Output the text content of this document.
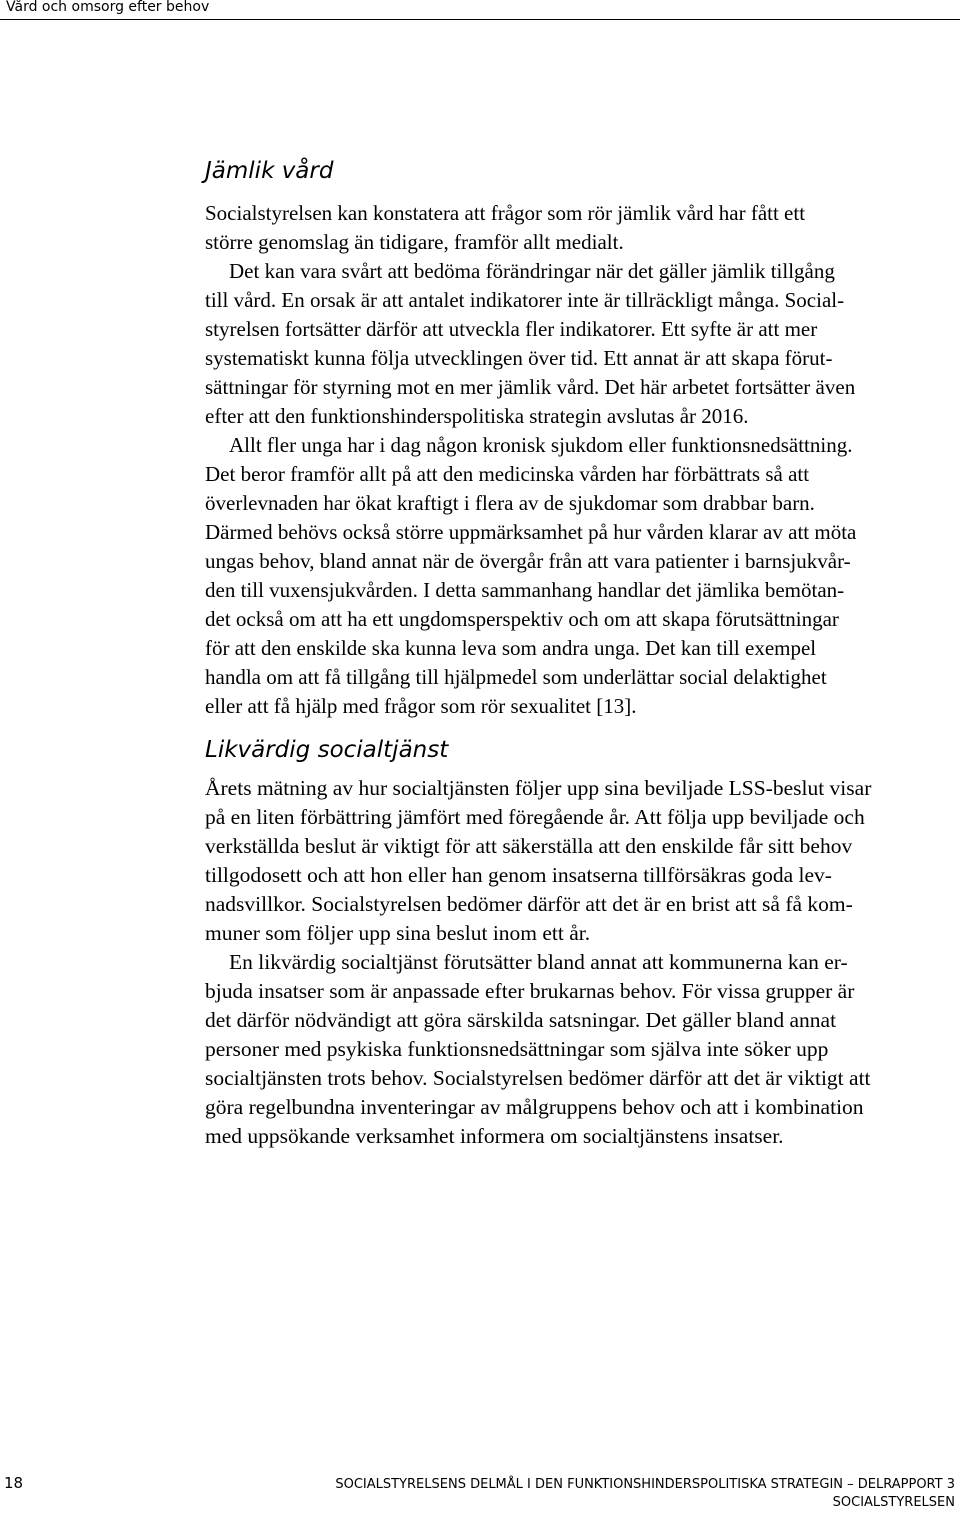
Vård och omsorg efter behov
Jämlik vård
Socialstyrelsen kan konstatera att frågor som rör jämlik vård har fått ett
större genomslag än tidigare, framför allt medialt.
Det kan vara svårt att bedöma förändringar när det gäller jämlik tillgång
till vård. En orsak är att antalet indikatorer inte är tillräckligt många. Social-
styrelsen fortsätter därför att utveckla fler indikatorer. Ett syfte är att mer
systematiskt kunna följa utvecklingen över tid. Ett annat är att skapa förut-
sättningar för styrning mot en mer jämlik vård. Det här arbetet fortsätter även
efter att den funktionshinderspolitiska strategin avslutas år 2016.
Allt fler unga har i dag någon kronisk sjukdom eller funktionsnedsättning.
Det beror framför allt på att den medicinska vården har förbättrats så att
överlevnaden har ökat kraftigt i flera av de sjukdomar som drabbar barn.
Därmed behövs också större uppmärksamhet på hur vården klarar av att möta
ungas behov, bland annat när de övergår från att vara patienter i barnsjukvår-
den till vuxensjukvården. I detta sammanhang handlar det jämlika bemötan-
det också om att ha ett ungdomsperspektiv och om att skapa förutsättningar
för att den enskilde ska kunna leva som andra unga. Det kan till exempel
handla om att få tillgång till hjälpmedel som underlättar social delaktighet
eller att få hjälp med frågor som rör sexualitet [13].
Likvärdig socialtjänst
Årets mätning av hur socialtjänsten följer upp sina beviljade LSS-beslut visar
på en liten förbättring jämfört med föregående år. Att följa upp beviljade och
verkställda beslut är viktigt för att säkerställa att den enskilde får sitt behov
tillgodosett och att hon eller han genom insatserna tillförsäkras goda lev-
nadsvillkor. Socialstyrelsen bedömer därför att det är en brist att så få kom-
muner som följer upp sina beslut inom ett år.
En likvärdig socialtjänst förutsätter bland annat att kommunerna kan er-
bjuda insatser som är anpassade efter brukarnas behov. För vissa grupper är
det därför nödvändigt att göra särskilda satsningar. Det gäller bland annat
personer med psykiska funktionsnedsättningar som själva inte söker upp
socialtjänsten trots behov. Socialstyrelsen bedömer därför att det är viktigt att
göra regelbundna inventeringar av målgruppens behov och att i kombination
med uppsökande verksamhet informera om socialtjänstens insatser.
18	SOCIALSTYRELSENS DELMÅL I DEN FUNKTIONSHINDERSPOLITISKA STRATEGIN – DELRAPPORT 3
SOCIALSTYRELSEN
